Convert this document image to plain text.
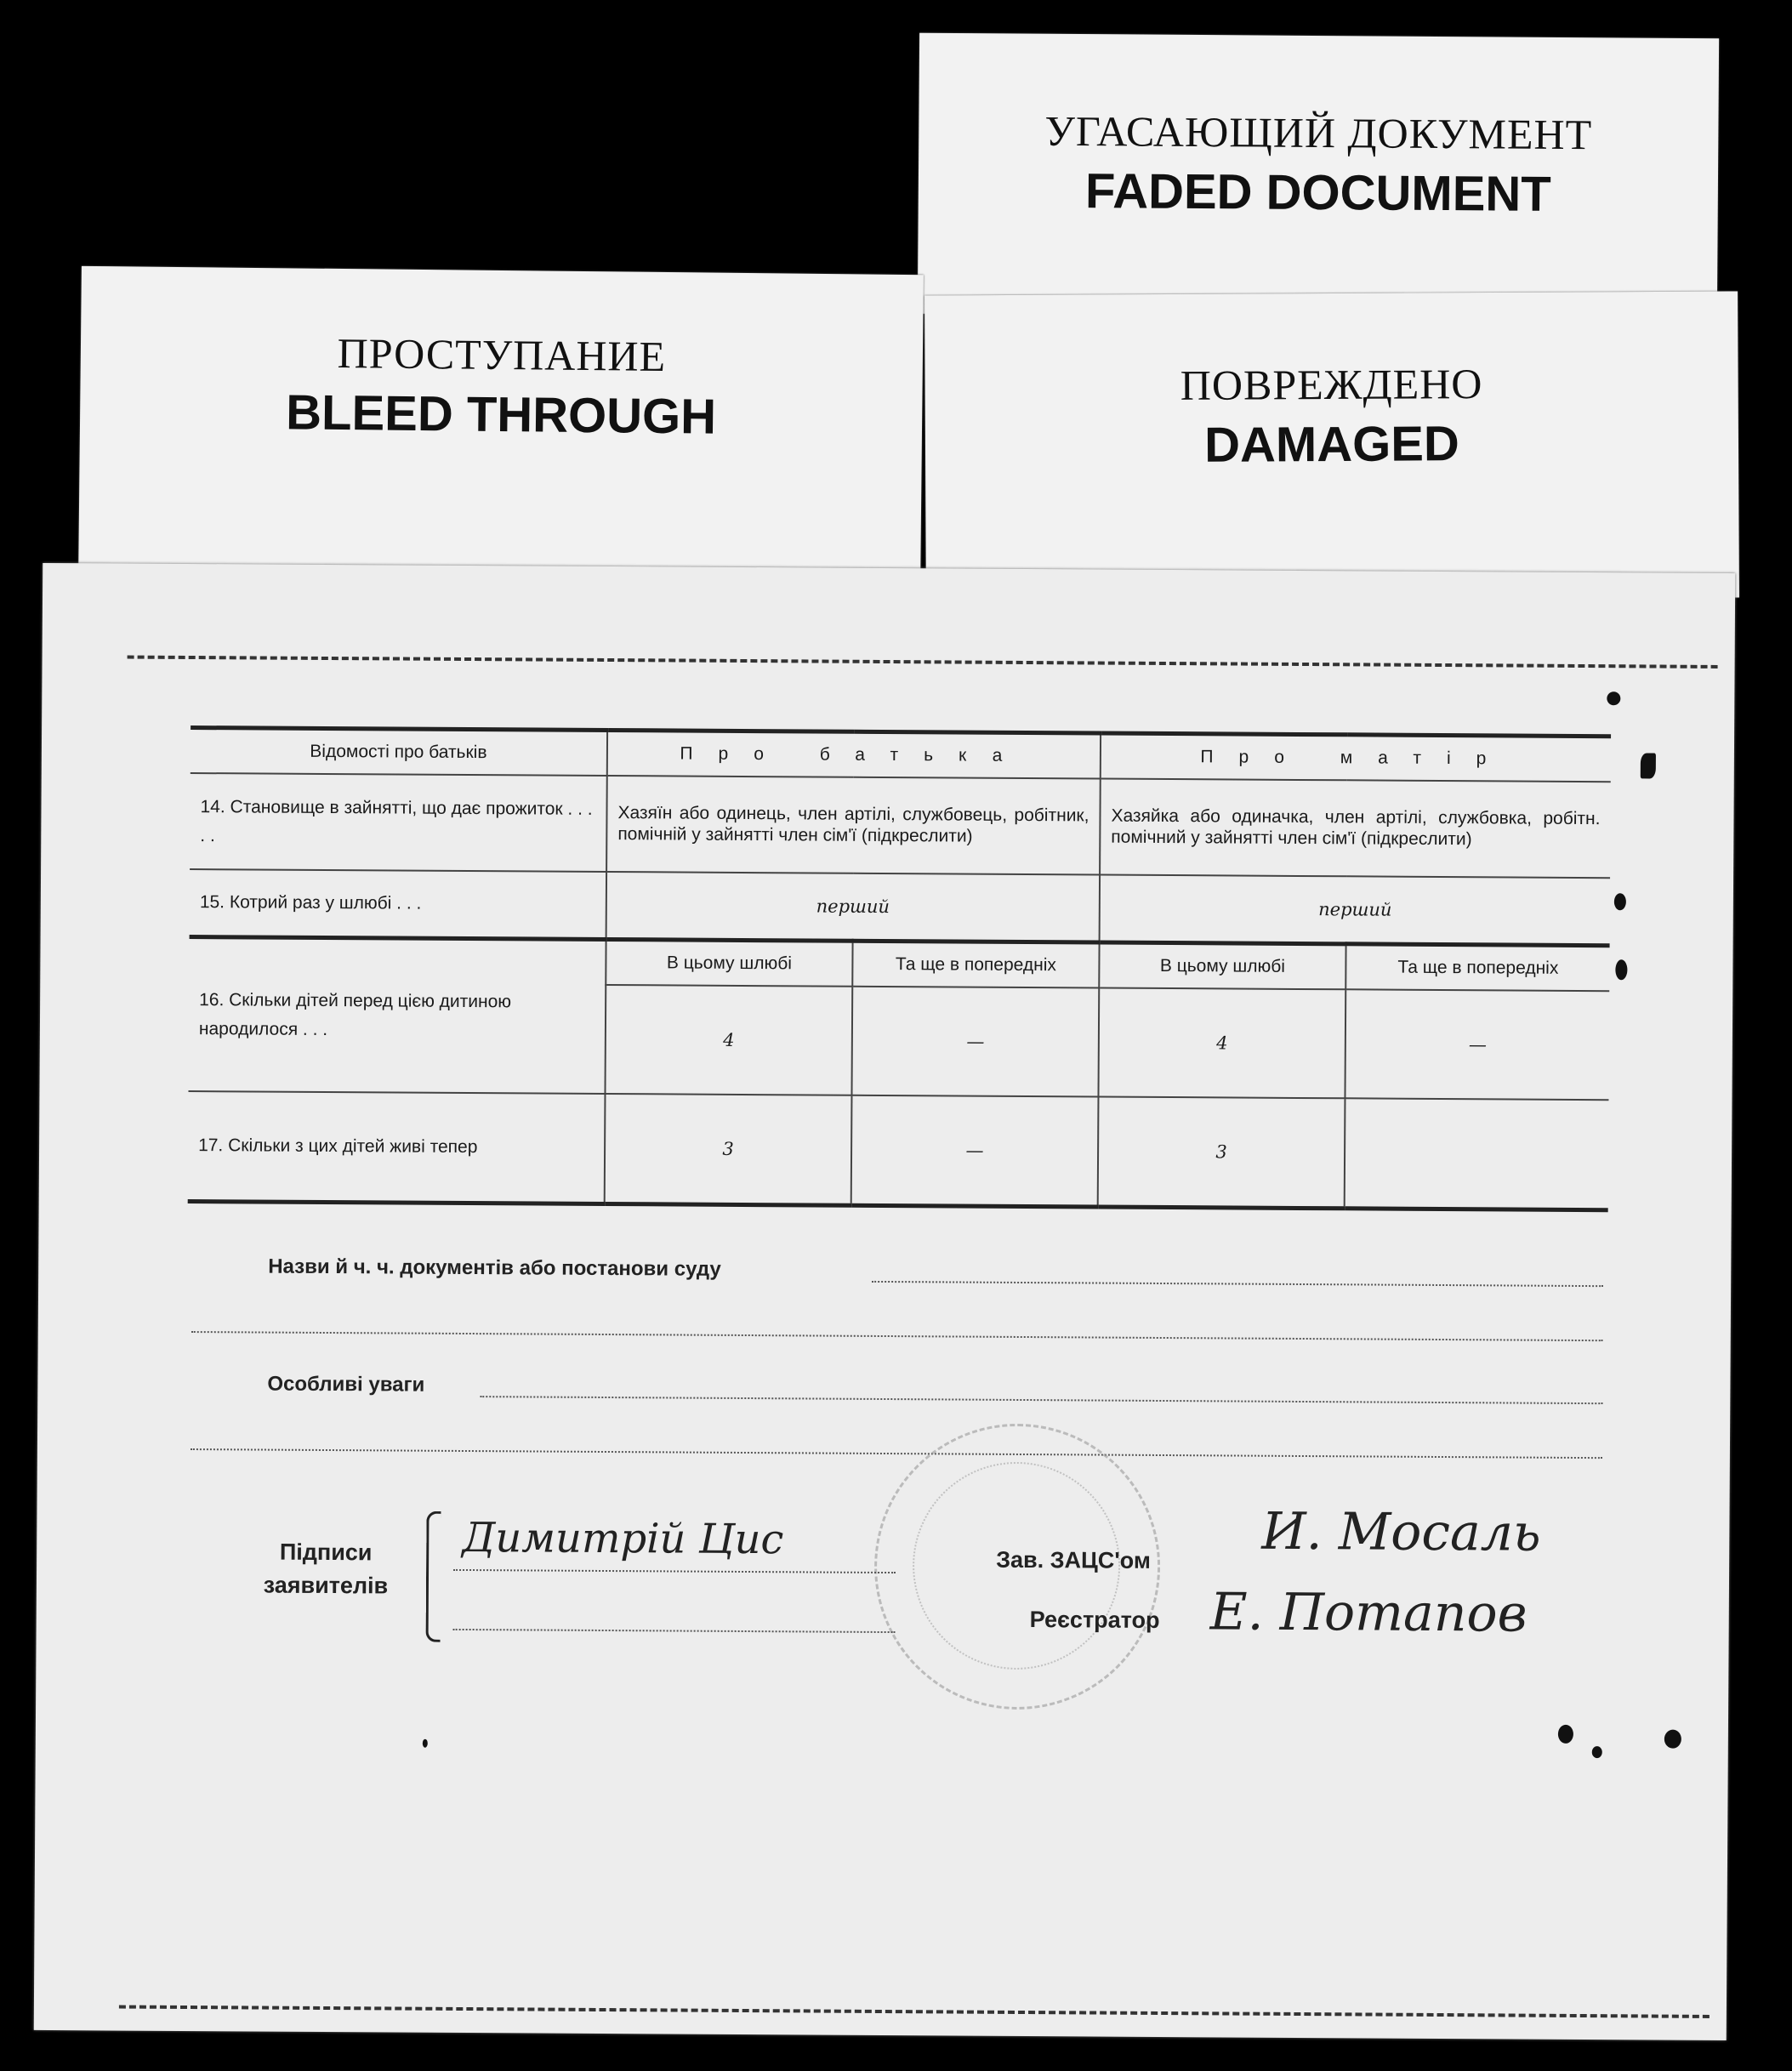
УГАСАЮЩИЙ ДОКУМЕНТ
FADED DOCUMENT
ПРОСТУПАНИЕ
BLEED THROUGH
ПОВРЕЖДЕНО
DAMAGED
Відомості про батьків	Про батька		Про матір	
14. Становище в зайнятті, що дає прожиток . . . . .	Хазяїн або одинець, член артілі, службовець, робітник, помічній у зайнятті член сім'ї (підкреслити)		Хазяйка або одиначка, член артілі, службовка, робітн. помічний у зайнятті член сім'ї (підкреслити)	
15. Котрий раз у шлюбі . . .	перший		перший	
16. Скільки дітей перед цією дитиною народилося . . .	В цьому шлюбі	Та ще в попередніх	В цьому шлюбі	Та ще в попередніх
	4	—	4	—
17. Скільки з цих дітей живі тепер	3	—	3	
Назви й ч. ч. документів або постанови суду
Особливі уваги
Підписи заявителів
Димитрій Цис	Зав. ЗАЦС'ом И. Мосаль
Реєстратор Е. Потапов
